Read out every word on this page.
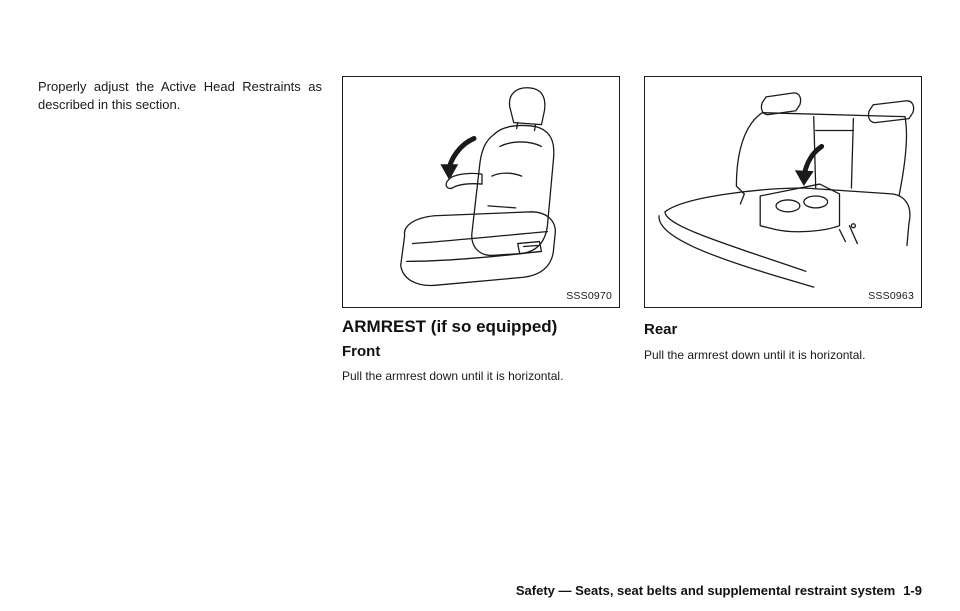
Properly adjust the Active Head Restraints as described in this section.

SSS0970	SSS0963
ARMREST (if so equipped)
Front

Pull the armrest down until it is horizontal.

Rear

Pull the armrest down until it is horizontal.

Safety — Seats, seat belts and supplemental restraint system 1-9
